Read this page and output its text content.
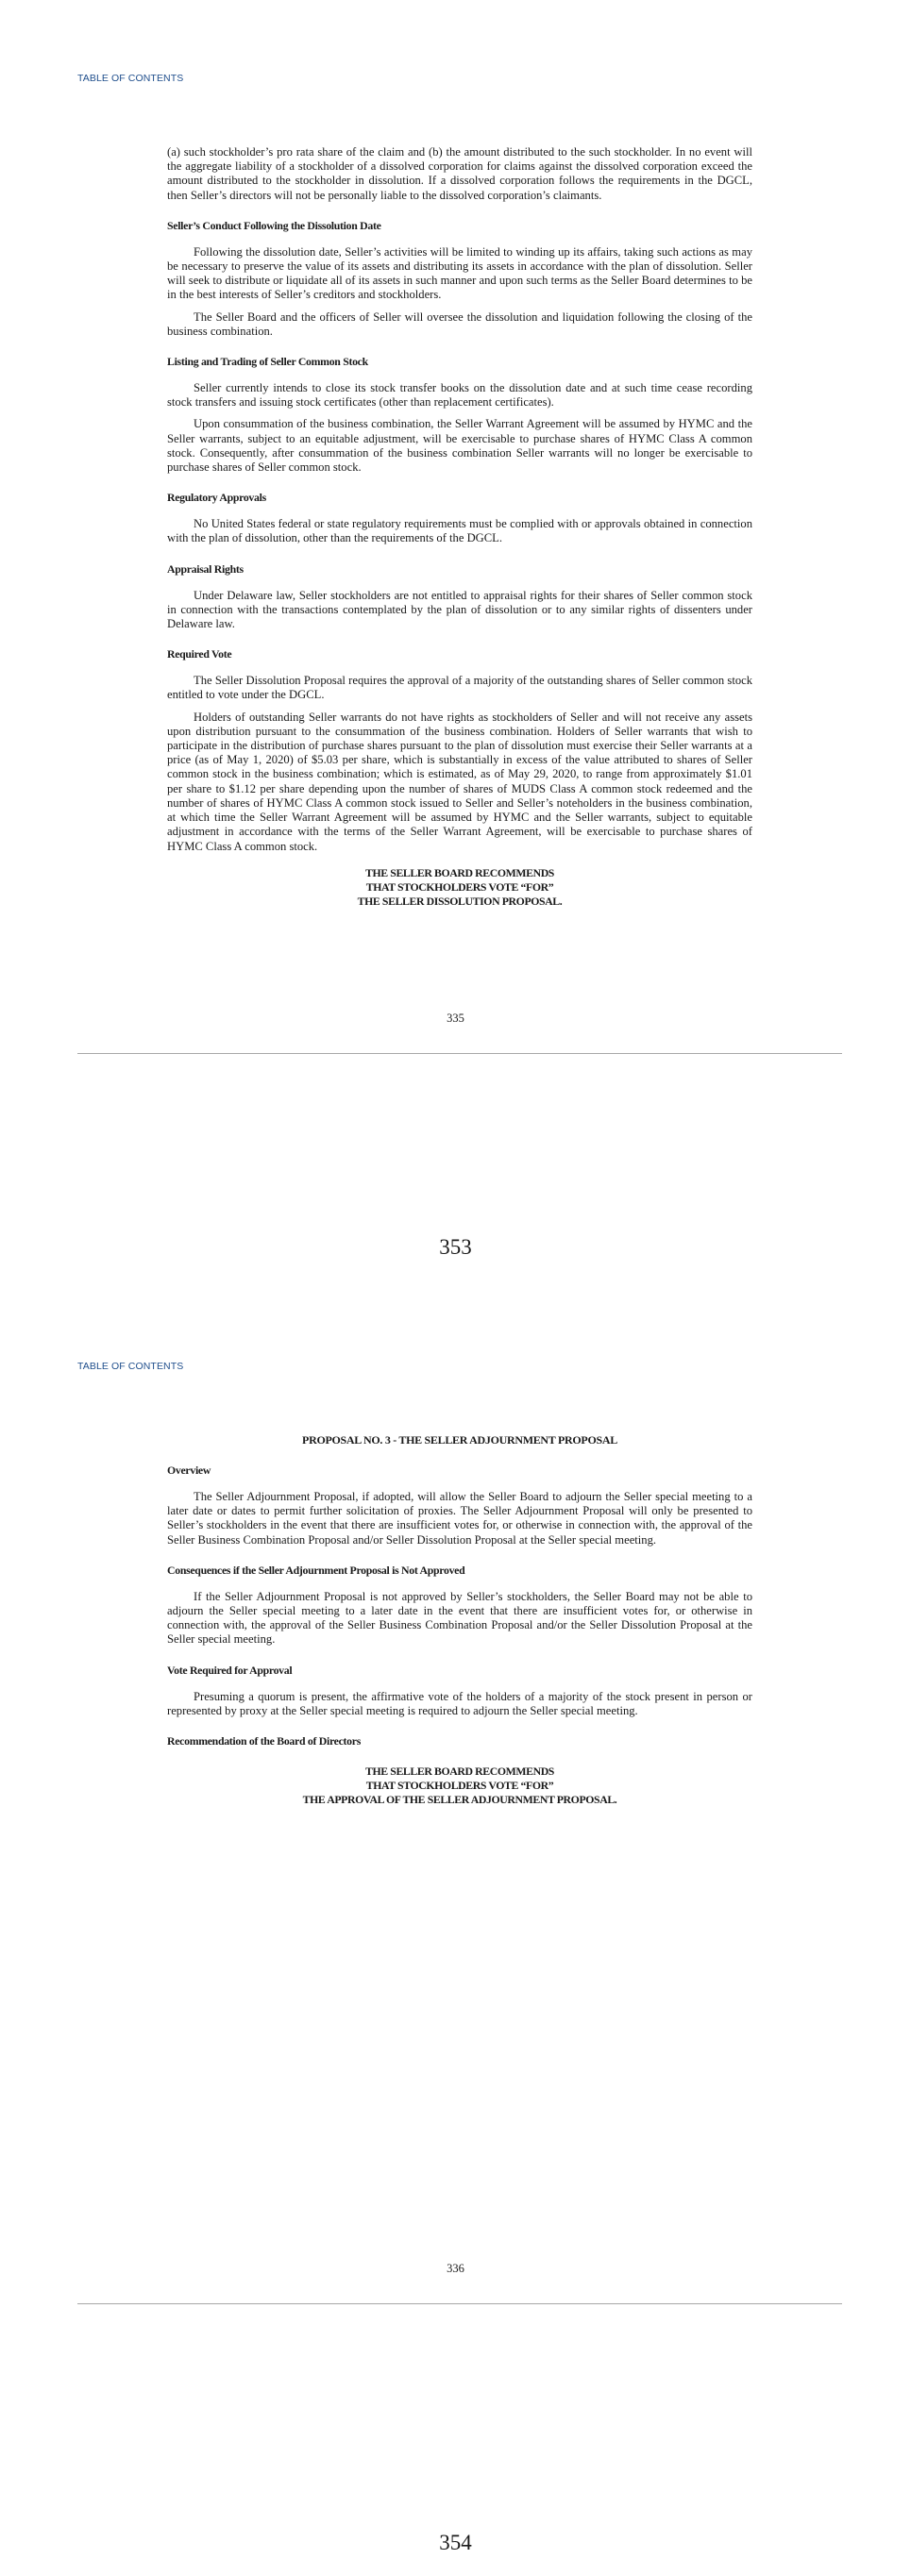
TABLE OF CONTENTS

(a) such stockholder’s pro rata share of the claim and (b) the amount distributed to the such stockholder. In no event will the aggregate liability of a stockholder of a dissolved corporation for claims against the dissolved corporation exceed the amount distributed to the stockholder in dissolution. If a dissolved corporation follows the requirements in the DGCL, then Seller’s directors will not be personally liable to the dissolved corporation’s claimants.

Seller’s Conduct Following the Dissolution Date

Following the dissolution date, Seller’s activities will be limited to winding up its affairs, taking such actions as may be necessary to preserve the value of its assets and distributing its assets in accordance with the plan of dissolution. Seller will seek to distribute or liquidate all of its assets in such manner and upon such terms as the Seller Board determines to be in the best interests of Seller’s creditors and stockholders.

The Seller Board and the officers of Seller will oversee the dissolution and liquidation following the closing of the business combination.

Listing and Trading of Seller Common Stock

Seller currently intends to close its stock transfer books on the dissolution date and at such time cease recording stock transfers and issuing stock certificates (other than replacement certificates).

Upon consummation of the business combination, the Seller Warrant Agreement will be assumed by HYMC and the Seller warrants, subject to an equitable adjustment, will be exercisable to purchase shares of HYMC Class A common stock. Consequently, after consummation of the business combination Seller warrants will no longer be exercisable to purchase shares of Seller common stock.

Regulatory Approvals

No United States federal or state regulatory requirements must be complied with or approvals obtained in connection with the plan of dissolution, other than the requirements of the DGCL.

Appraisal Rights

Under Delaware law, Seller stockholders are not entitled to appraisal rights for their shares of Seller common stock in connection with the transactions contemplated by the plan of dissolution or to any similar rights of dissenters under Delaware law.

Required Vote

The Seller Dissolution Proposal requires the approval of a majority of the outstanding shares of Seller common stock entitled to vote under the DGCL.

Holders of outstanding Seller warrants do not have rights as stockholders of Seller and will not receive any assets upon distribution pursuant to the consummation of the business combination. Holders of Seller warrants that wish to participate in the distribution of purchase shares pursuant to the plan of dissolution must exercise their Seller warrants at a price (as of May 1, 2020) of $5.03 per share, which is substantially in excess of the value attributed to shares of Seller common stock in the business combination; which is estimated, as of May 29, 2020, to range from approximately $1.01 per share to $1.12 per share depending upon the number of shares of MUDS Class A common stock redeemed and the number of shares of HYMC Class A common stock issued to Seller and Seller’s noteholders in the business combination, at which time the Seller Warrant Agreement will be assumed by HYMC and the Seller warrants, subject to equitable adjustment in accordance with the terms of the Seller Warrant Agreement, will be exercisable to purchase shares of HYMC Class A common stock.

THE SELLER BOARD RECOMMENDS
THAT STOCKHOLDERS VOTE “FOR”
THE SELLER DISSOLUTION PROPOSAL.
335
353
TABLE OF CONTENTS
PROPOSAL NO. 3 - THE SELLER ADJOURNMENT PROPOSAL
Overview

The Seller Adjournment Proposal, if adopted, will allow the Seller Board to adjourn the Seller special meeting to a later date or dates to permit further solicitation of proxies. The Seller Adjournment Proposal will only be presented to Seller’s stockholders in the event that there are insufficient votes for, or otherwise in connection with, the approval of the Seller Business Combination Proposal and/or Seller Dissolution Proposal at the Seller special meeting.

Consequences if the Seller Adjournment Proposal is Not Approved

If the Seller Adjournment Proposal is not approved by Seller’s stockholders, the Seller Board may not be able to adjourn the Seller special meeting to a later date in the event that there are insufficient votes for, or otherwise in connection with, the approval of the Seller Business Combination Proposal and/or the Seller Dissolution Proposal at the Seller special meeting.

Vote Required for Approval

Presuming a quorum is present, the affirmative vote of the holders of a majority of the stock present in person or represented by proxy at the Seller special meeting is required to adjourn the Seller special meeting.

Recommendation of the Board of Directors
THE SELLER BOARD RECOMMENDS
THAT STOCKHOLDERS VOTE “FOR”
THE APPROVAL OF THE SELLER ADJOURNMENT PROPOSAL.
336
354
